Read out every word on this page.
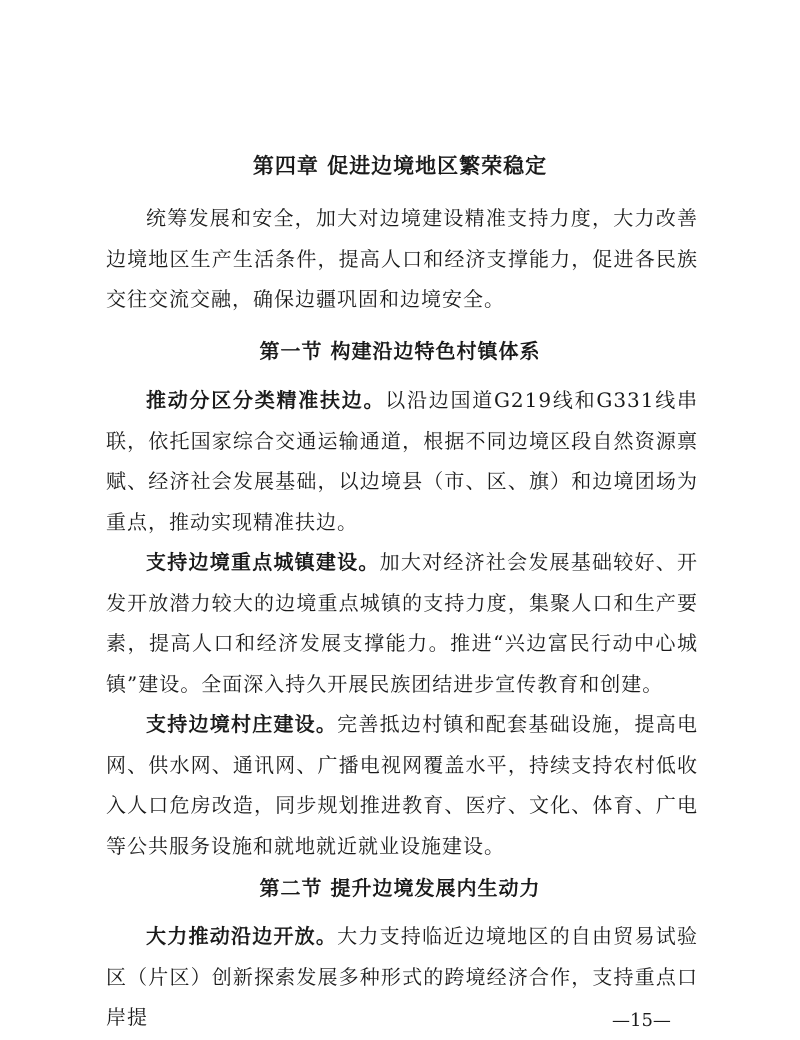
第四章 促进边境地区繁荣稳定
统筹发展和安全，加大对边境建设精准支持力度，大力改善边境地区生产生活条件，提高人口和经济支撑能力，促进各民族交往交流交融，确保边疆巩固和边境安全。
第一节 构建沿边特色村镇体系
推动分区分类精准扶边。以沿边国道G219线和G331线串联，依托国家综合交通运输通道，根据不同边境区段自然资源禀赋、经济社会发展基础，以边境县（市、区、旗）和边境团场为重点，推动实现精准扶边。
支持边境重点城镇建设。加大对经济社会发展基础较好、开发开放潜力较大的边境重点城镇的支持力度，集聚人口和生产要素，提高人口和经济发展支撑能力。推进“兴边富民行动中心城镇”建设。全面深入持久开展民族团结进步宣传教育和创建。
支持边境村庄建设。完善抵边村镇和配套基础设施，提高电网、供水网、通讯网、广播电视网覆盖水平，持续支持农村低收入人口危房改造，同步规划推进教育、医疗、文化、体育、广电等公共服务设施和就地就近就业设施建设。
第二节 提升边境发展内生动力
大力推动沿边开放。大力支持临近边境地区的自由贸易试验区（片区）创新探索发展多种形式的跨境经济合作，支持重点口岸提	—15—
